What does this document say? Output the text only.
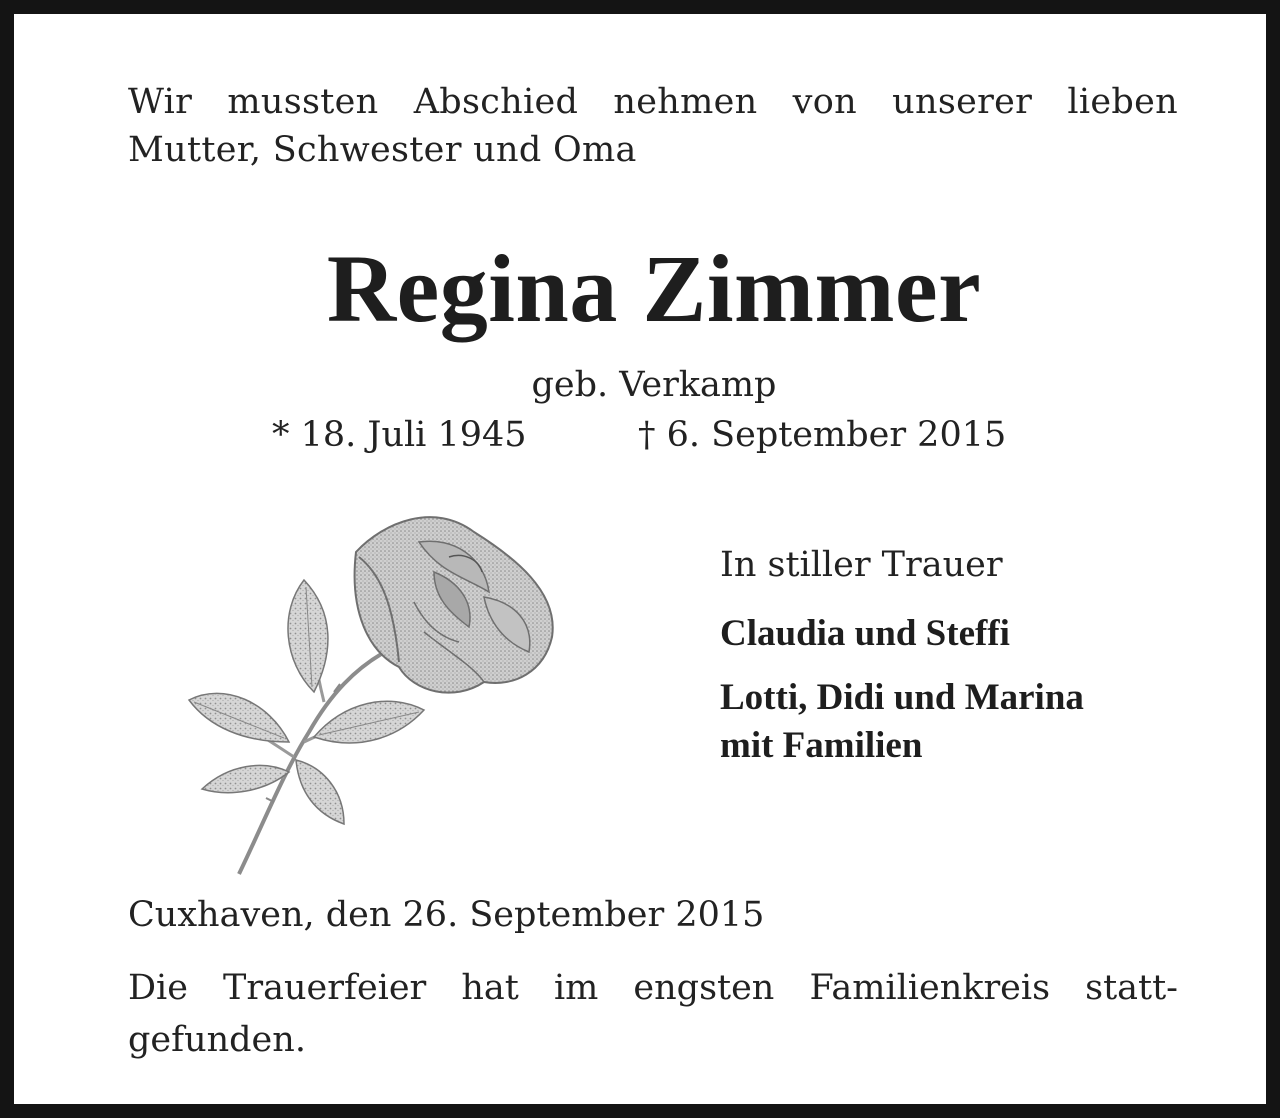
Wir mussten Abschied nehmen von unserer lieben
Mutter, Schwester und Oma

Regina Zimmer

geb. Verkamp

* 18. Juli 1945	† 6. September 2015

In stiller Trauer

Claudia und Steffi

Lotti, Didi und Marina

mit Familien

Cuxhaven, den 26. September 2015

Die Trauerfeier hat im engsten Familienkreis statt-
gefunden.
